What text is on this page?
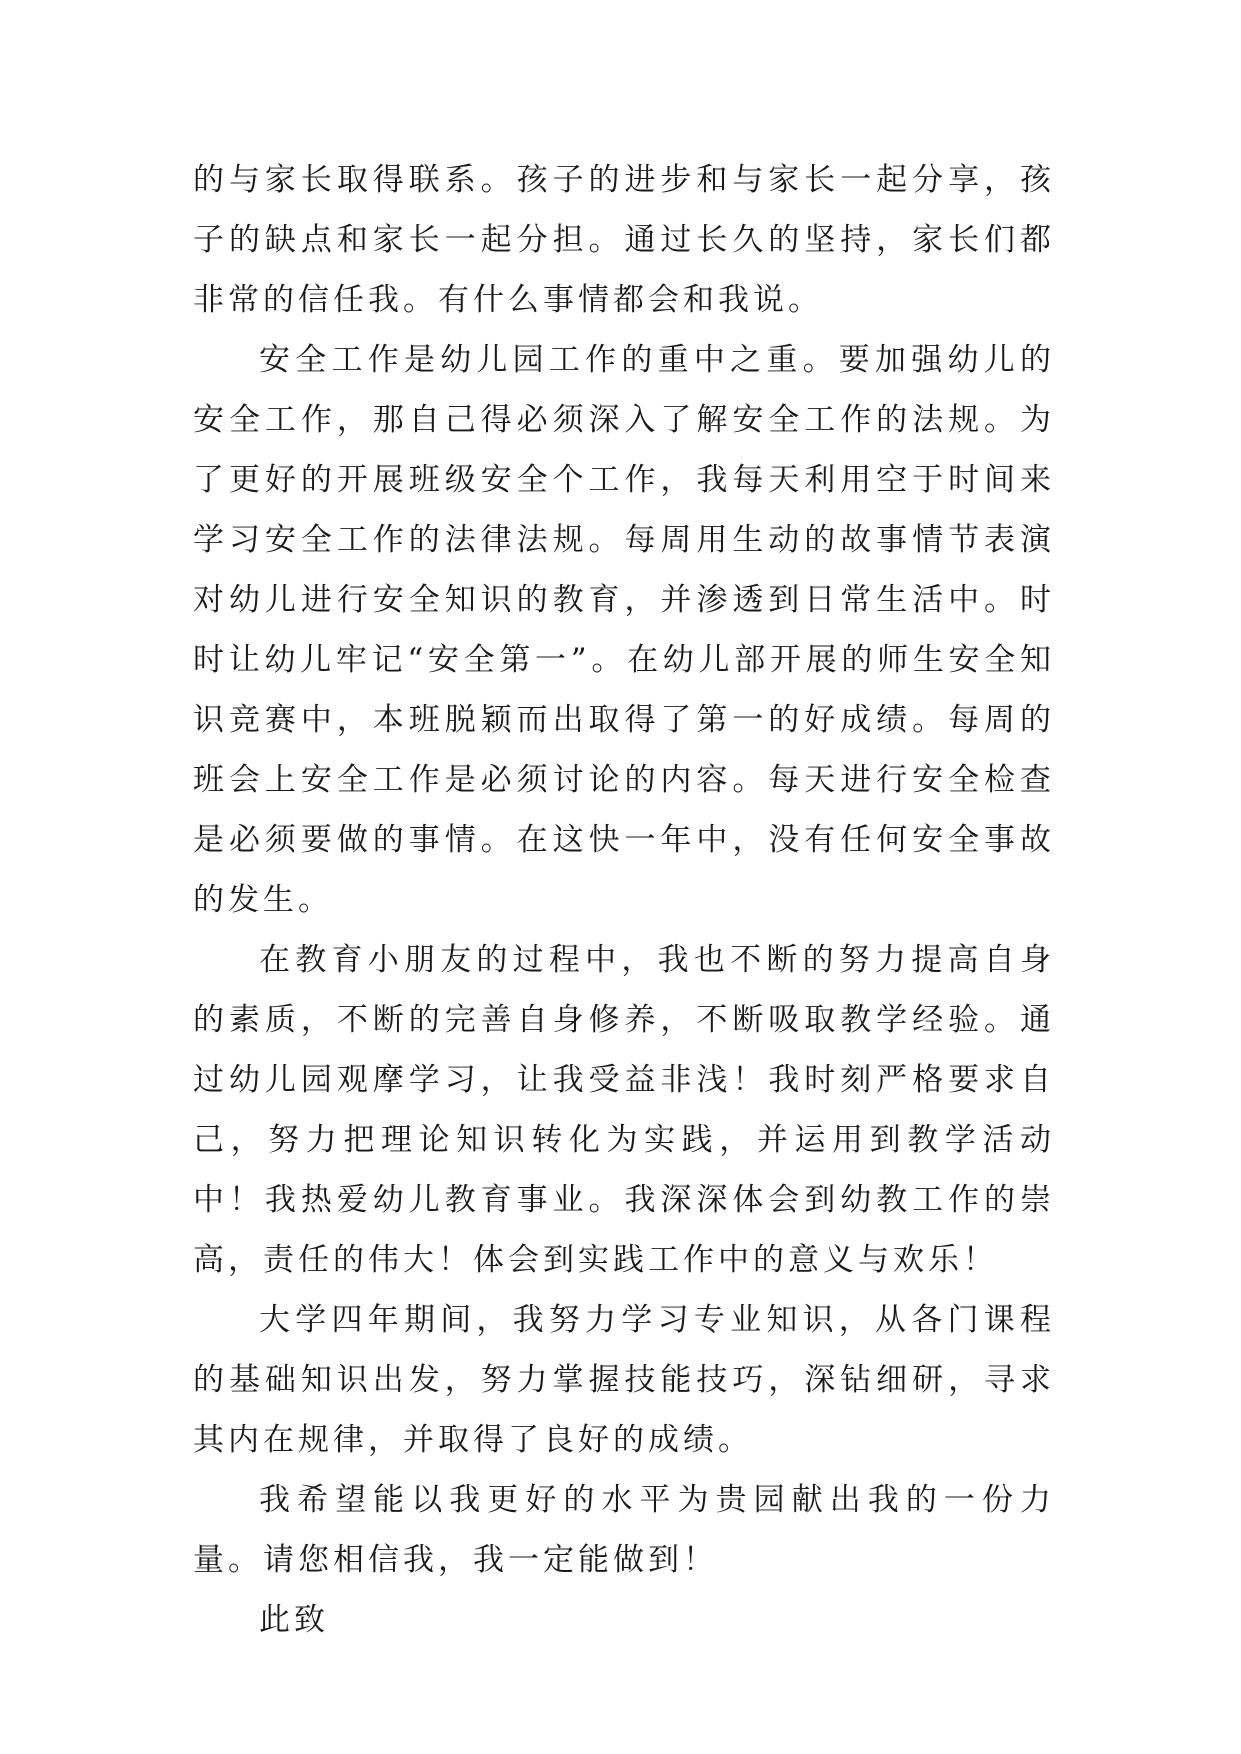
的与家长取得联系。孩子的进步和与家长一起分享，孩子的缺点和家长一起分担。通过长久的坚持，家长们都非常的信任我。有什么事情都会和我说。

安全工作是幼儿园工作的重中之重。要加强幼儿的安全工作，那自己得必须深入了解安全工作的法规。为了更好的开展班级安全个工作，我每天利用空于时间来学习安全工作的法律法规。每周用生动的故事情节表演对幼儿进行安全知识的教育，并渗透到日常生活中。时时让幼儿牢记“安全第一”。在幼儿部开展的师生安全知识竞赛中，本班脱颖而出取得了第一的好成绩。每周的班会上安全工作是必须讨论的内容。每天进行安全检查是必须要做的事情。在这快一年中，没有任何安全事故的发生。

在教育小朋友的过程中，我也不断的努力提高自身的素质，不断的完善自身修养，不断吸取教学经验。通过幼儿园观摩学习，让我受益非浅！我时刻严格要求自己，努力把理论知识转化为实践，并运用到教学活动中！我热爱幼儿教育事业。我深深体会到幼教工作的崇高，责任的伟大！体会到实践工作中的意义与欢乐！

大学四年期间，我努力学习专业知识，从各门课程的基础知识出发，努力掌握技能技巧，深钻细研，寻求其内在规律，并取得了良好的成绩。

我希望能以我更好的水平为贵园献出我的一份力量。请您相信我，我一定能做到！

此致
